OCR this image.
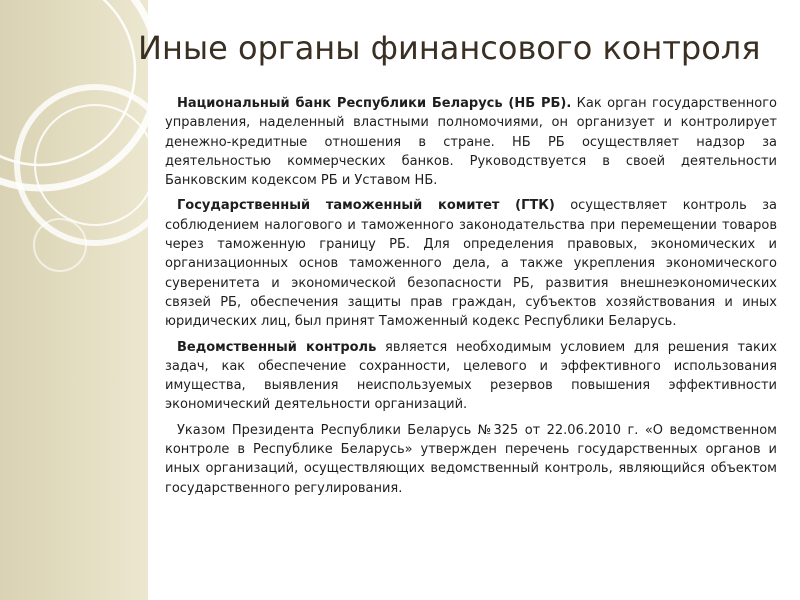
Иные органы финансового контроля

Национальный банк Республики Беларусь (НБ РБ). Как орган государственного управления, наделенный властными полномочиями, он организует и контролирует денежно-кредитные отношения в стране. НБ РБ осуществляет надзор за деятельностью коммерческих банков. Руководствуется в своей деятельности Банковским кодексом РБ и Уставом НБ.

Государственный таможенный комитет (ГТК) осуществляет контроль за соблюдением налогового и таможенного законодательства при перемещении товаров через таможенную границу РБ. Для определения правовых, экономических и организационных основ таможенного дела, а также укрепления экономического суверенитета и экономической безопасности РБ, развития внешнеэкономических связей РБ, обеспечения защиты прав граждан, субъектов хозяйствования и иных юридических лиц, был принят Таможенный кодекс Республики Беларусь.

Ведомственный контроль является необходимым условием для решения таких задач, как обеспечение сохранности, целевого и эффективного использования имущества, выявления неиспользуемых резервов повышения эффективности экономический деятельности организаций.

Указом Президента Республики Беларусь №325 от 22.06.2010 г. «О ведомственном контроле в Республике Беларусь» утвержден перечень государственных органов и иных организаций, осуществляющих ведомственный контроль, являющийся объектом государственного регулирования.
